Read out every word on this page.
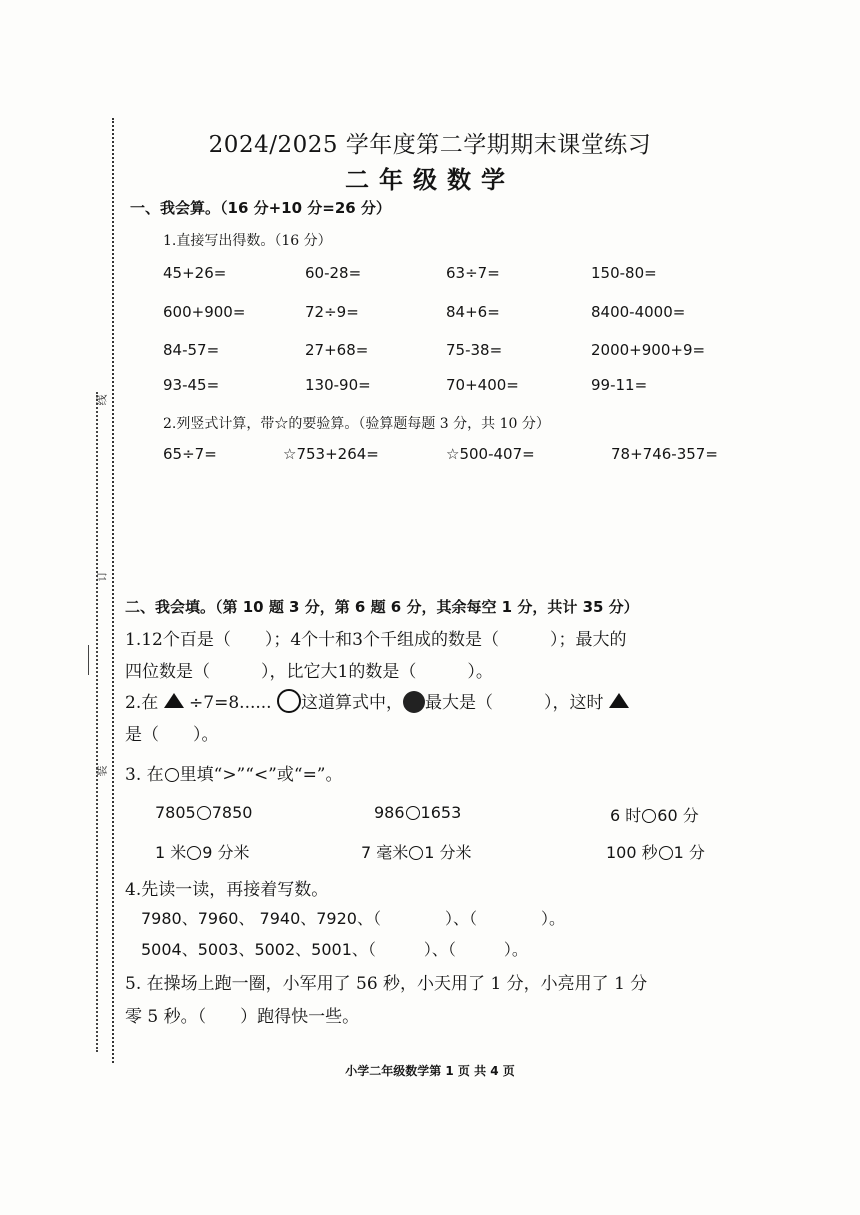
线
订
装
2024/2025 学年度第二学期期末课堂练习
二年级数学
一、我会算。（16 分+10 分=26 分）
1.直接写出得数。（16 分）
45+26=	60-28=	63÷7=	150-80=
600+900=	72÷9=	84+6=	8400-4000=
84-57=	27+68=	75-38=	2000+900+9=
93-45=	130-90=	70+400=	99-11=
2.列竖式计算，带☆的要验算。（验算题每题 3 分，共 10 分）
65÷7=	☆753+264=	☆500-407=	78+746-357=
二、我会填。（第 10 题 3 分，第 6 题 6 分，其余每空 1 分，共计 35 分）
1.12个百是（　　）；4个十和3个千组成的数是（　　　）；最大的
四位数是（　　　），比它大1的数是（　　　）。
2.在 ÷7=8...... 这道算式中， 最大是（　　　），这时
是（　　）。
3. 在 里填“>”“<”或“=”。
7805 7850	986 1653	6 时 60 分
1 米 9 分米	7 毫米 1 分米	100 秒 1 分
4.先读一读，再接着写数。
7980、7960、 7940、7920、（　　　　）、（　　　　）。
5004、5003、5002、5001、（　　　）、（　　　）。
5. 在操场上跑一圈，小军用了 56 秒，小天用了 1 分，小亮用了 1 分
零 5 秒。（　　）跑得快一些。
小学二年级数学第 1 页 共 4 页
